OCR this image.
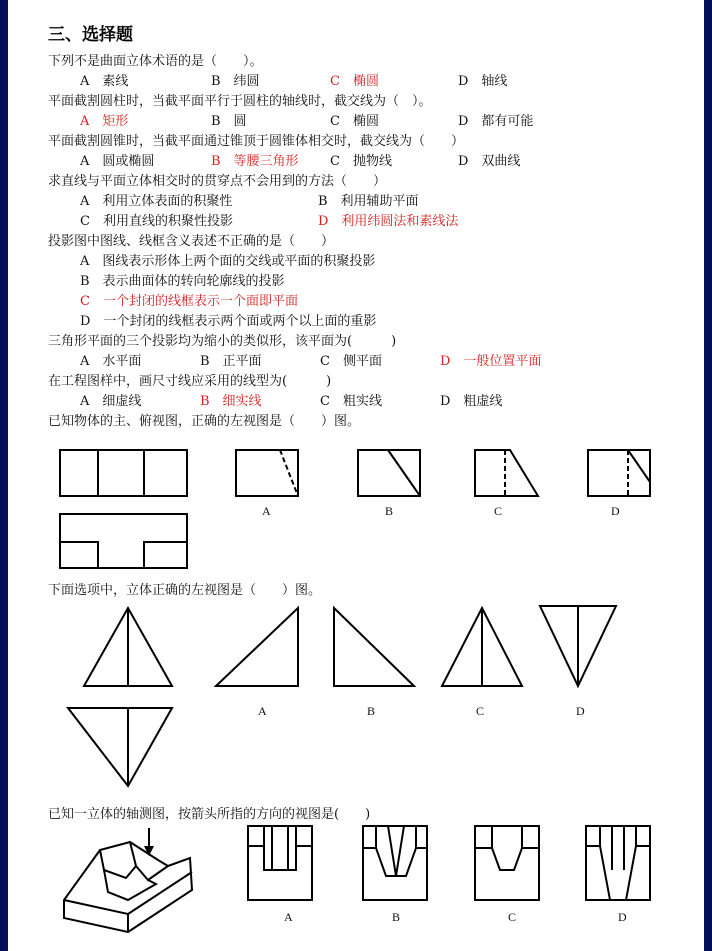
三、选择题
下列不是曲面立体术语的是（　　）。
A　素线	B　纬圆	C　椭圆	D　轴线
平面截割圆柱时，当截平面平行于圆柱的轴线时，截交线为（　）。
A　矩形	B　圆	C　椭圆	D　都有可能
平面截割圆锥时，当截平面通过锥顶于圆锥体相交时，截交线为（　　）
A　圆或椭圆	B　等腰三角形 C　抛物线	D　双曲线
求直线与平面立体相交时的贯穿点不会用到的方法（　　）
A　利用立体表面的积聚性	B　利用辅助平面
C　利用直线的积聚性投影	D　利用纬圆法和素线法
投影图中图线、线框含义表述不正确的是（　　）
A　图线表示形体上两个面的交线或平面的积聚投影
B　表示曲面体的转向轮廓线的投影
C　一个封闭的线框表示一个面即平面
D　一个封闭的线框表示两个面或两个以上面的重影
三角形平面的三个投影均为缩小的类似形，该平面为(　　　)
A　水平面	B　正平面	C　侧平面	D　一般位置平面
在工程图样中，画尺寸线应采用的线型为(　　　)
A　细虚线	B　细实线	C　粗实线	D　粗虚线
已知物体的主、俯视图，正确的左视图是（　　）图。
A	B	C	D
下面选项中，立体正确的左视图是（　　）图。
A	B	C	D
已知一立体的轴测图，按箭头所指的方向的视图是(　　)
A	B	C	D
